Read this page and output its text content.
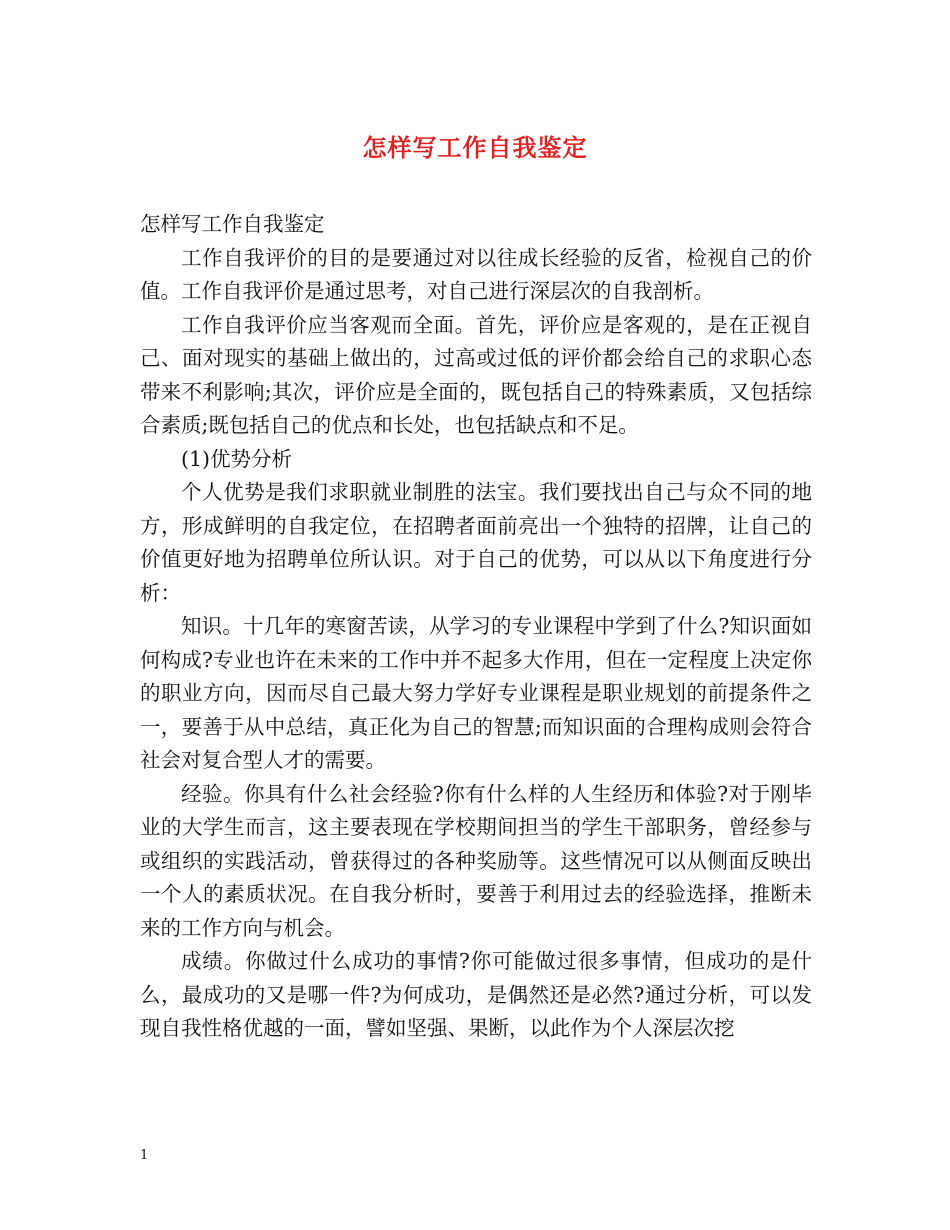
怎样写工作自我鉴定

怎样写工作自我鉴定

工作自我评价的目的是要通过对以往成长经验的反省，检视自己的价值。工作自我评价是通过思考，对自己进行深层次的自我剖析。

工作自我评价应当客观而全面。首先，评价应是客观的，是在正视自己、面对现实的基础上做出的，过高或过低的评价都会给自己的求职心态带来不利影响;其次，评价应是全面的，既包括自己的特殊素质，又包括综合素质;既包括自己的优点和长处，也包括缺点和不足。

(1)优势分析

个人优势是我们求职就业制胜的法宝。我们要找出自己与众不同的地方，形成鲜明的自我定位，在招聘者面前亮出一个独特的招牌，让自己的价值更好地为招聘单位所认识。对于自己的优势，可以从以下角度进行分析：

知识。十几年的寒窗苦读，从学习的专业课程中学到了什么?知识面如何构成?专业也许在未来的工作中并不起多大作用，但在一定程度上决定你的职业方向，因而尽自己最大努力学好专业课程是职业规划的前提条件之一，要善于从中总结，真正化为自己的智慧;而知识面的合理构成则会符合社会对复合型人才的需要。

经验。你具有什么社会经验?你有什么样的人生经历和体验?对于刚毕业的大学生而言，这主要表现在学校期间担当的学生干部职务，曾经参与或组织的实践活动，曾获得过的各种奖励等。这些情况可以从侧面反映出一个人的素质状况。在自我分析时，要善于利用过去的经验选择，推断未来的工作方向与机会。

成绩。你做过什么成功的事情?你可能做过很多事情，但成功的是什么，最成功的又是哪一件?为何成功，是偶然还是必然?通过分析，可以发现自我性格优越的一面，譬如坚强、果断，以此作为个人深层次挖

1
